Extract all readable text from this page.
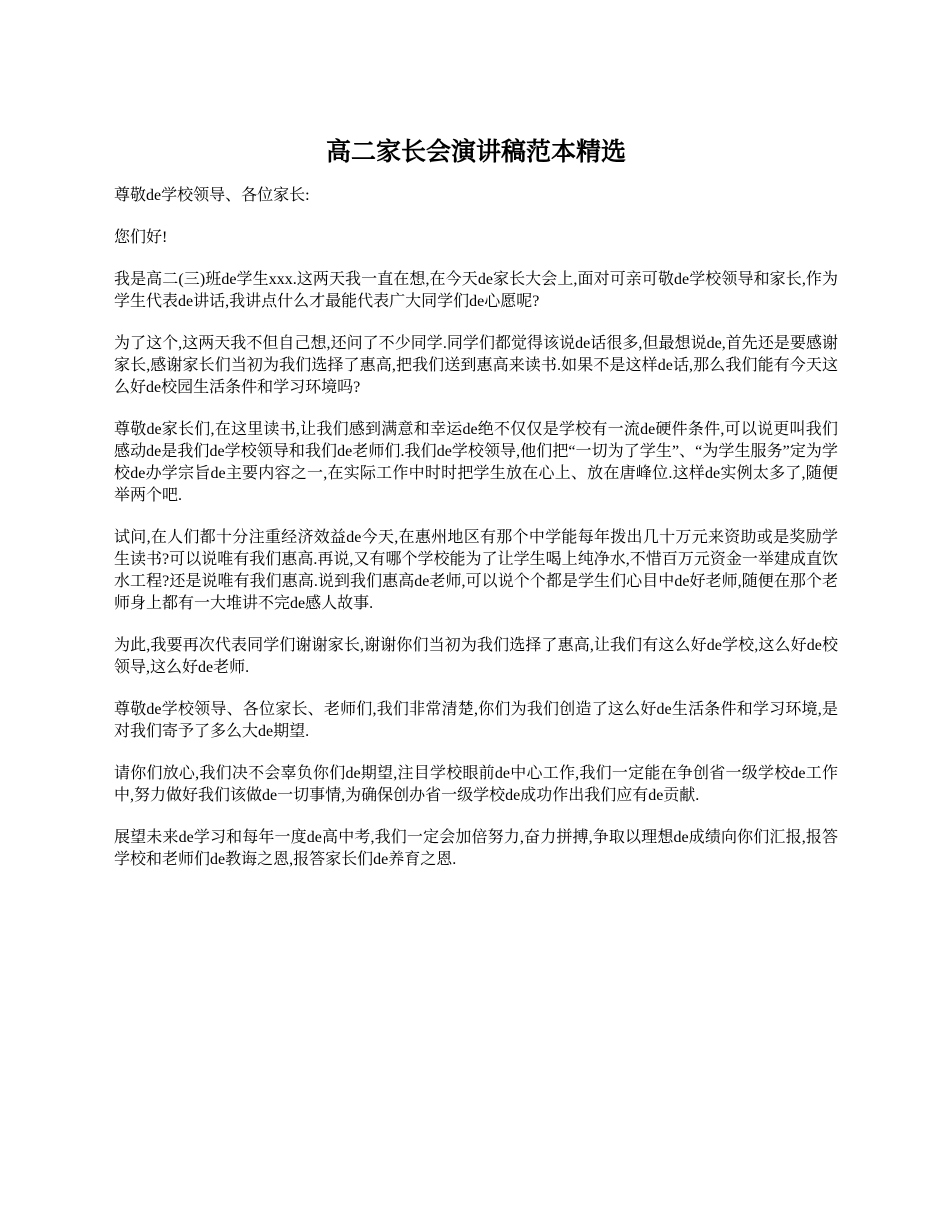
高二家长会演讲稿范本精选

尊敬de学校领导、各位家长:

您们好!

我是高二(三)班de学生xxx.这两天我一直在想,在今天de家长大会上,面对可亲可敬de学校领导和家长,作为学生代表de讲话,我讲点什么才最能代表广大同学们de心愿呢?

为了这个,这两天我不但自己想,还问了不少同学.同学们都觉得该说de话很多,但最想说de,首先还是要感谢家长,感谢家长们当初为我们选择了惠高,把我们送到惠高来读书.如果不是这样de话,那么我们能有今天这么好de校园生活条件和学习环境吗?

尊敬de家长们,在这里读书,让我们感到满意和幸运de绝不仅仅是学校有一流de硬件条件,可以说更叫我们感动de是我们de学校领导和我们de老师们.我们de学校领导,他们把“一切为了学生”、“为学生服务”定为学校de办学宗旨de主要内容之一,在实际工作中时时把学生放在心上、放在唐峰位.这样de实例太多了,随便举两个吧.

试问,在人们都十分注重经济效益de今天,在惠州地区有那个中学能每年拨出几十万元来资助或是奖励学生读书?可以说唯有我们惠高.再说,又有哪个学校能为了让学生喝上纯净水,不惜百万元资金一举建成直饮水工程?还是说唯有我们惠高.说到我们惠高de老师,可以说个个都是学生们心目中de好老师,随便在那个老师身上都有一大堆讲不完de感人故事.

为此,我要再次代表同学们谢谢家长,谢谢你们当初为我们选择了惠高,让我们有这么好de学校,这么好de校领导,这么好de老师.

尊敬de学校领导、各位家长、老师们,我们非常清楚,你们为我们创造了这么好de生活条件和学习环境,是对我们寄予了多么大de期望.

请你们放心,我们决不会辜负你们de期望,注目学校眼前de中心工作,我们一定能在争创省一级学校de工作中,努力做好我们该做de一切事情,为确保创办省一级学校de成功作出我们应有de贡献.

展望未来de学习和每年一度de高中考,我们一定会加倍努力,奋力拼搏,争取以理想de成绩向你们汇报,报答学校和老师们de教诲之恩,报答家长们de养育之恩.
